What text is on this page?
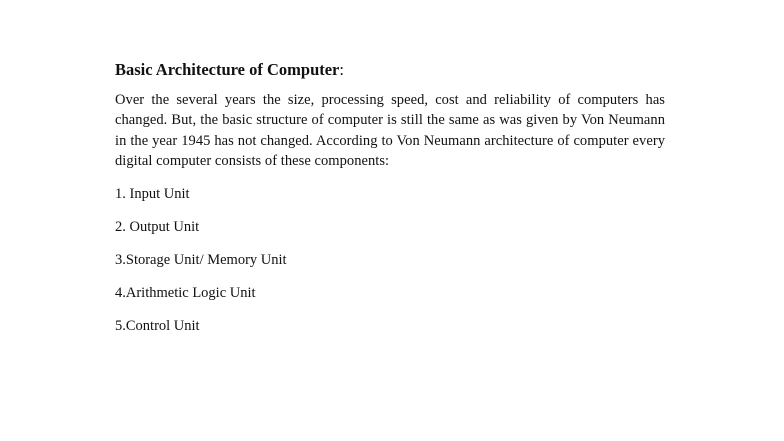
Basic Architecture of Computer:

Over the several years the size, processing speed, cost and reliability of computers has changed. But, the basic structure of computer is still the same as was given by Von Neumann in the year 1945 has not changed. According to Von Neumann architecture of computer every digital computer consists of these components:

1. Input Unit
2. Output Unit
3.Storage Unit/ Memory Unit
4.Arithmetic Logic Unit
5.Control Unit
